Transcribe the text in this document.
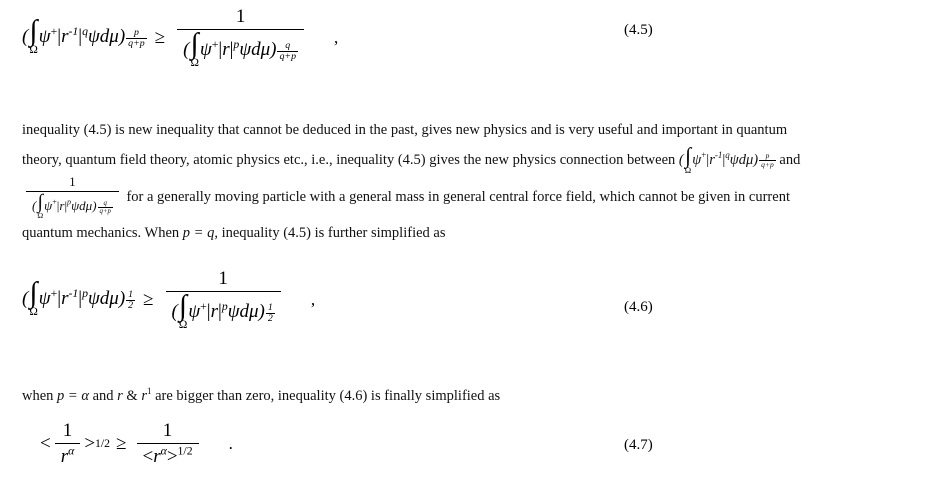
( ∫
Ω
$\psi^+|r^{-1}|^q\psi d\mu) \frac{p}{q+p} \ge 1$
( ∫
Ω
$\psi^+|r|^p\psi d\mu) \frac{q}{q+p}$ ,	(4.5)
inequality (4.5) is new inequality that cannot be deduced in the past, gives new physics and is very useful and important in quantum
theory, quantum field theory, atomic physics etc., i.e., inequality (4.5) gives the new physics connection between ( ∫
Ω
$\psi^+|r^{-1}|^q\psi d\mu) \frac{p}{q+p}$ and
1
( ∫
Ω
$\psi^+|r|^p\psi d\mu) \frac{q}{q+p}$ for a generally moving particle with a general mass in general central force field, which cannot be given in current
quantum mechanics. When p = q, inequality (4.5) is further simplified as
( ∫
Ω
$\psi^+|r^{-1}|^p\psi d\mu) \frac{1}{2} \ge 1$
( ∫
Ω
$\psi^+|r|^p\psi d\mu) \frac{1}{2}$ ,	(4.6)
when p = α and r & $r^1$ are bigger than zero, inequality (4.6) is finally simplified as
< $\frac{1}{r^\alpha} > 1/2 \ge \frac{1}{<r^\alpha>^{1/2}}$ .	(4.7)
